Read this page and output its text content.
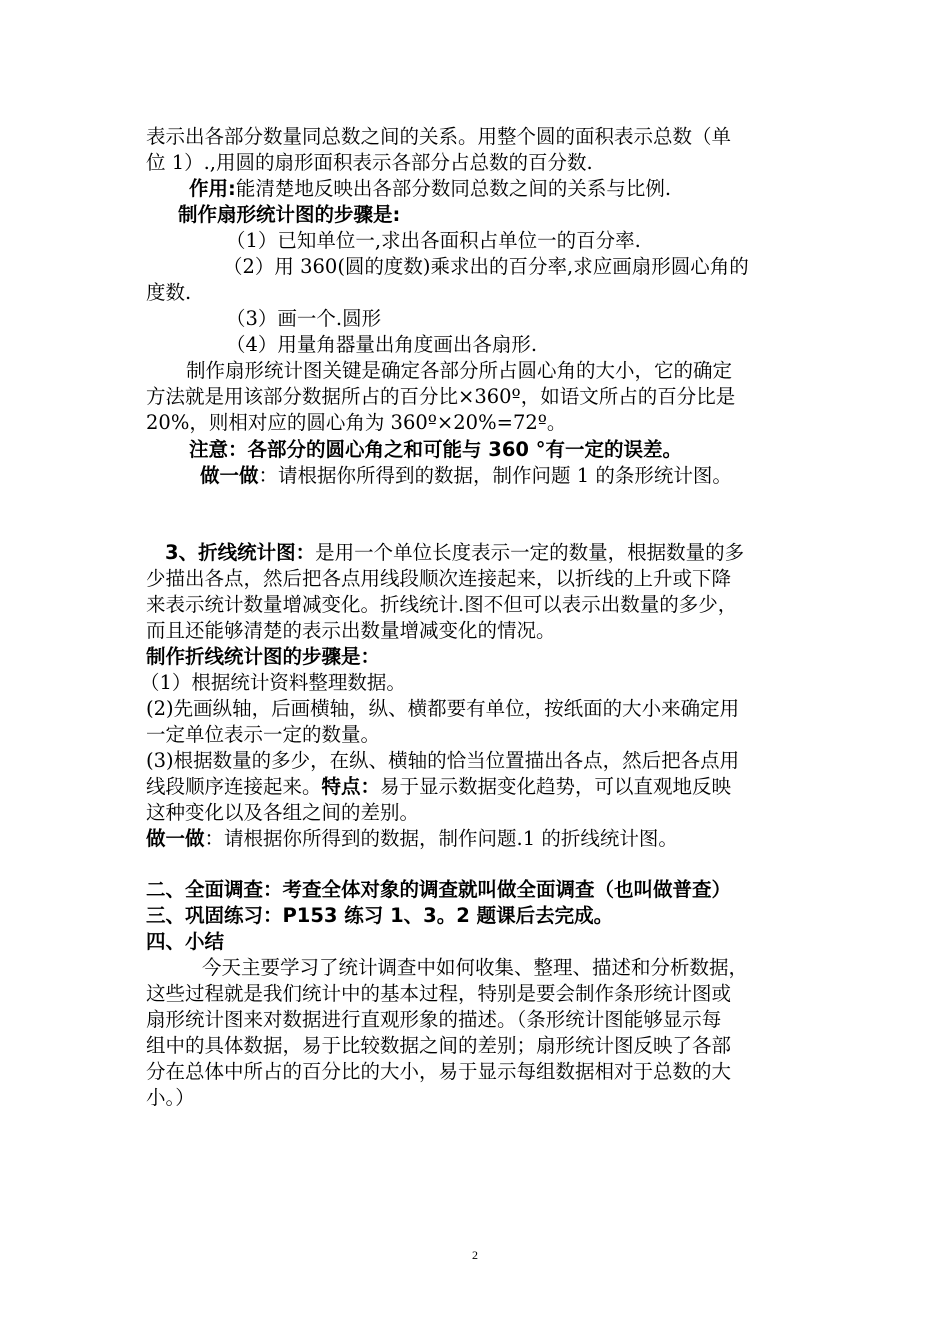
表示出各部分数量同总数之间的关系。用整个圆的面积表示总数（单
位 1）.,用圆的扇形面积表示各部分占总数的百分数.
作用:能清楚地反映出各部分数同总数之间的关系与比例.
制作扇形统计图的步骤是:
（1）已知单位一,求出各面积占单位一的百分率.
（2）用 360(圆的度数)乘求出的百分率,求应画扇形圆心角的
度数.
（3）画一个.圆形
（4）用量角器量出角度画出各扇形.
制作扇形统计图关键是确定各部分所占圆心角的大小，它的确定
方法就是用该部分数据所占的百分比×360º，如语文所占的百分比是
20%，则相对应的圆心角为 360º×20%=72º。
注意：各部分的圆心角之和可能与 360 °有一定的误差。
做一做：请根据你所得到的数据，制作问题 1 的条形统计图。
3、折线统计图：是用一个单位长度表示一定的数量，根据数量的多
少描出各点，然后把各点用线段顺次连接起来，以折线的上升或下降
来表示统计数量增减变化。折线统计.图不但可以表示出数量的多少，
而且还能够清楚的表示出数量增减变化的情况。
制作折线统计图的步骤是：
（1）根据统计资料整理数据。
(2)先画纵轴，后画横轴，纵、横都要有单位，按纸面的大小来确定用
一定单位表示一定的数量。
(3)根据数量的多少，在纵、横轴的恰当位置描出各点，然后把各点用
线段顺序连接起来。特点：易于显示数据变化趋势，可以直观地反映
这种变化以及各组之间的差别。
做一做：请根据你所得到的数据，制作问题.1 的折线统计图。
二、全面调查：考查全体对象的调查就叫做全面调查（也叫做普查）
三、巩固练习：P153 练习 1、3。2 题课后去完成。
四、小结
今天主要学习了统计调查中如何收集、整理、描述和分析数据，
这些过程就是我们统计中的基本过程，特别是要会制作条形统计图或
扇形统计图来对数据进行直观形象的描述。（条形统计图能够显示每
组中的具体数据，易于比较数据之间的差别；扇形统计图反映了各部
分在总体中所占的百分比的大小，易于显示每组数据相对于总数的大
小。）
2
